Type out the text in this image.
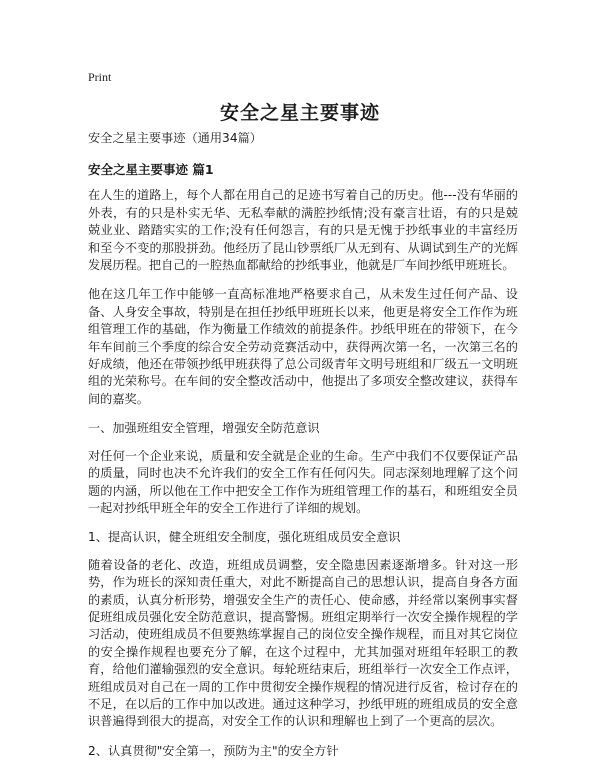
Print
安全之星主要事迹

安全之星主要事迹（通用34篇）

安全之星主要事迹 篇1

在人生的道路上，每个人都在用自己的足迹书写着自己的历史。他---没有华丽的外表，有的只是朴实无华、无私奉献的满腔抄纸情;没有豪言壮语，有的只是兢兢业业、踏踏实实的工作;没有任何怨言，有的只是无愧于抄纸事业的丰富经历和至今不变的那股拼劲。他经历了昆山钞票纸厂从无到有、从调试到生产的光辉发展历程。把自己的一腔热血都献给的抄纸事业，他就是厂车间抄纸甲班班长。

他在这几年工作中能够一直高标准地严格要求自己，从未发生过任何产品、设备、人身安全事故，特别是在担任抄纸甲班班长以来，他更是将安全工作作为班组管理工作的基础，作为衡量工作绩效的前提条件。抄纸甲班在的带领下，在今年车间前三个季度的综合安全劳动竞赛活动中，获得两次第一名，一次第三名的好成绩，他还在带领抄纸甲班获得了总公司级青年文明号班组和厂级五一文明班组的光荣称号。在车间的安全整改活动中，他提出了多项安全整改建议，获得车间的嘉奖。

一、加强班组安全管理，增强安全防范意识

对任何一个企业来说，质量和安全就是企业的生命。生产中我们不仅要保证产品的质量，同时也决不允许我们的安全工作有任何闪失。同志深刻地理解了这个问题的内涵，所以他在工作中把安全工作作为班组管理工作的基石，和班组安全员一起对抄纸甲班全年的安全工作进行了详细的规划。

1、提高认识，健全班组安全制度，强化班组成员安全意识

随着设备的老化、改造，班组成员调整，安全隐患因素逐渐增多。针对这一形势，作为班长的深知责任重大，对此不断提高自己的思想认识，提高自身各方面的素质，认真分析形势，增强安全生产的责任心、使命感，并经常以案例事实督促班组成员强化安全防范意识，提高警惕。班组定期举行一次安全操作规程的学习活动，使班组成员不但要熟练掌握自己的岗位安全操作规程，而且对其它岗位的安全操作规程也要充分了解，在这个过程中，尤其加强对班组年轻职工的教育，给他们灌输强烈的安全意识。每轮班结束后，班组举行一次安全工作点评，班组成员对自己在一周的工作中贯彻安全操作规程的情况进行反省，检讨存在的不足，在以后的工作中加以改进。通过这种学习，抄纸甲班的班组成员的安全意识普遍得到很大的提高，对安全工作的认识和理解也上到了一个更高的层次。

2、认真贯彻"安全第一，预防为主"的安全方针
